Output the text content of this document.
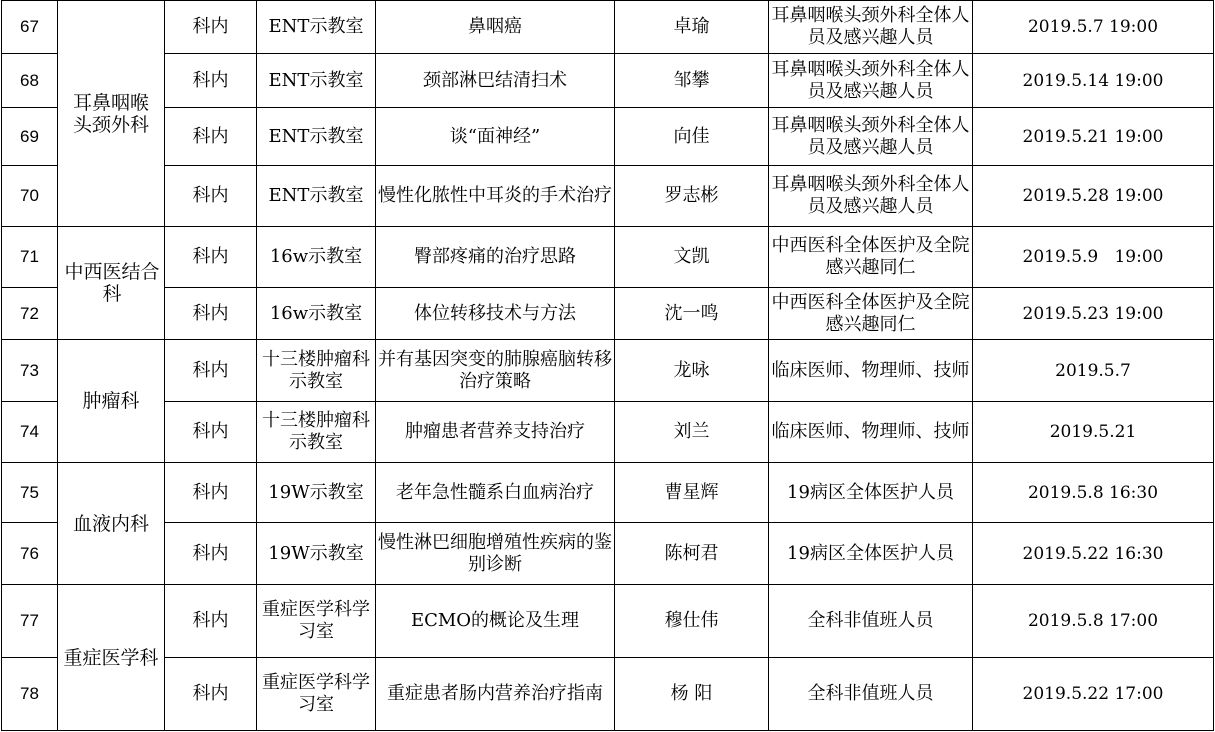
67	耳鼻咽喉头颈外科	科内	ENT示教室	鼻咽癌	卓瑜	耳鼻咽喉头颈外科全体人员及感兴趣人员	2019.5.7 19:00
68		科内	ENT示教室	颈部淋巴结清扫术	邹攀	耳鼻咽喉头颈外科全体人员及感兴趣人员	2019.5.14 19:00
69		科内	ENT示教室	谈“面神经”	向佳	耳鼻咽喉头颈外科全体人员及感兴趣人员	2019.5.21 19:00
70		科内	ENT示教室	慢性化脓性中耳炎的手术治疗	罗志彬	耳鼻咽喉头颈外科全体人员及感兴趣人员	2019.5.28 19:00
71	中西医结合科	科内	16w示教室	臀部疼痛的治疗思路	文凯	中西医科全体医护及全院感兴趣同仁	2019.5.9   19:00
72		科内	16w示教室	体位转移技术与方法	沈一鸣	中西医科全体医护及全院感兴趣同仁	2019.5.23 19:00
73	肿瘤科	科内	十三楼肿瘤科示教室	并有基因突变的肺腺癌脑转移治疗策略	龙咏	临床医师、物理师、技师	2019.5.7
74		科内	十三楼肿瘤科示教室	肿瘤患者营养支持治疗	刘兰	临床医师、物理师、技师	2019.5.21
75	血液内科	科内	19W示教室	老年急性髓系白血病治疗	曹星辉	19病区全体医护人员	2019.5.8 16:30
76		科内	19W示教室	慢性淋巴细胞增殖性疾病的鉴别诊断	陈柯君	19病区全体医护人员	2019.5.22 16:30
77	重症医学科	科内	重症医学科学习室	ECMO的概论及生理	穆仕伟	全科非值班人员	2019.5.8 17:00
78		科内	重症医学科学习室	重症患者肠内营养治疗指南	杨 阳	全科非值班人员	2019.5.22 17:00
